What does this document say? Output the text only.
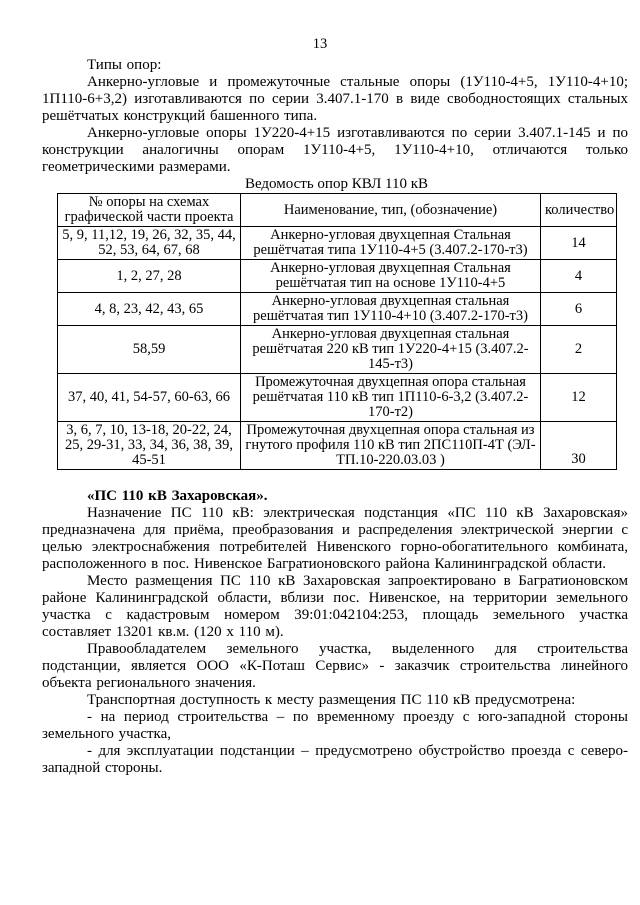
13

Типы опор:

Анкерно-угловые и промежуточные стальные опоры (1У110-4+5, 1У110-4+10; 1П110-6+3,2) изготавливаются по серии 3.407.1-170 в виде свободностоящих стальных решётчатых конструкций башенного типа.

Анкерно-угловые опоры 1У220-4+15 изготавливаются по серии 3.407.1-145 и по конструкции аналогичны опорам 1У110-4+5, 1У110-4+10, отличаются только геометрическими размерами.

Ведомость опор КВЛ 110 кВ
№ опоры на схемах графической части проекта	Наименование, тип, (обозначение)	количество
5, 9, 11,12, 19, 26, 32, 35, 44, 52, 53, 64, 67, 68	Анкерно-угловая двухцепная Стальная решётчатая типа 1У110-4+5 (3.407.2-170-т3)	14
1, 2, 27, 28	Анкерно-угловая двухцепная Стальная решётчатая тип на основе 1У110-4+5	4
4, 8, 23, 42, 43, 65	Анкерно-угловая двухцепная стальная решётчатая тип 1У110-4+10 (3.407.2-170-т3)	6
58,59	Анкерно-угловая двухцепная стальная решётчатая 220 кВ тип 1У220-4+15 (3.407.2-145-т3)	2
37, 40, 41, 54-57, 60-63, 66	Промежуточная двухцепная опора стальная решётчатая 110 кВ тип 1П110-6-3,2 (3.407.2-170-т2)	12
3, 6, 7, 10, 13-18, 20-22, 24, 25, 29-31, 33, 34, 36, 38, 39, 45-51	Промежуточная двухцепная опора стальная из гнутого профиля 110 кВ тип 2ПС110П-4Т (ЭЛ-ТП.10-220.03.03 )	30

«ПС 110 кВ Захаровская».

Назначение ПС 110 кВ: электрическая подстанция «ПС 110 кВ Захаровская» предназначена для приёма, преобразования и распределения электрической энергии с целью электроснабжения потребителей Нивенского горно-обогатительного комбината, расположенного в пос. Нивенское Багратионовского района Калининградской области.

Место размещения ПС 110 кВ Захаровская запроектировано в Багратионовском районе Калининградской области, вблизи пос. Нивенское, на территории земельного участка с кадастровым номером 39:01:042104:253, площадь земельного участка составляет 13201 кв.м. (120 х 110 м).

Правообладателем земельного участка, выделенного для строительства подстанции, является ООО «К-Поташ Сервис» - заказчик строительства линейного объекта регионального значения.

Транспортная доступность к месту размещения ПС 110 кВ предусмотрена:

- на период строительства – по временному проезду с юго-западной стороны земельного участка,

- для эксплуатации подстанции – предусмотрено обустройство проезда с северо-западной стороны.
